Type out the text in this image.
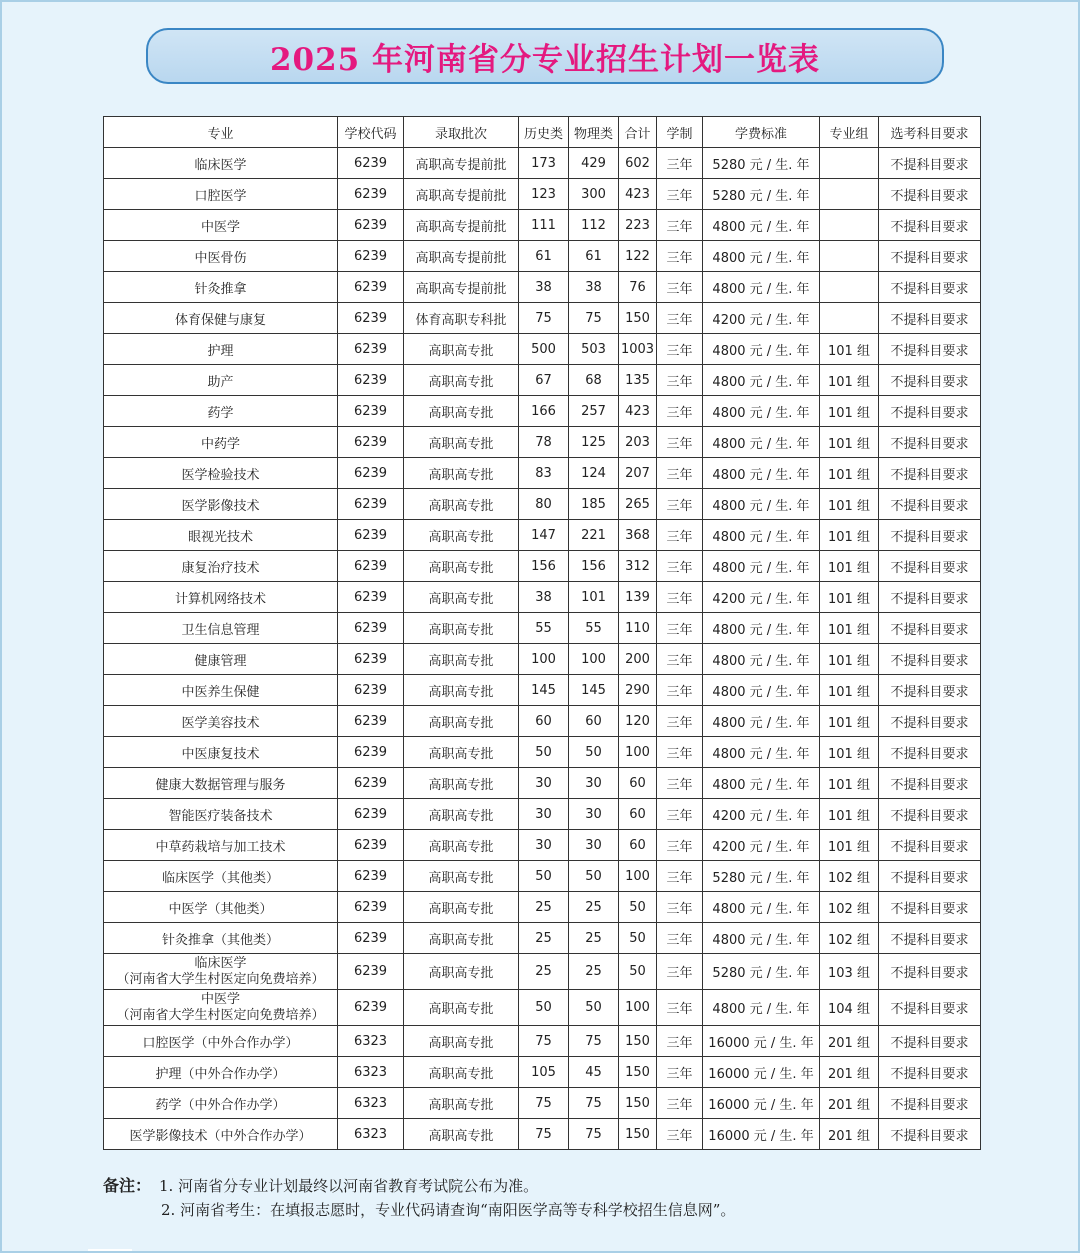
2025 年河南省分专业招生计划一览表
专业	学校代码	录取批次	历史类	物理类	合计	学制	学费标准	专业组	选考科目要求
临床医学	6239	高职高专提前批	173	429	602	三年	5280 元 / 生. 年		不提科目要求
口腔医学	6239	高职高专提前批	123	300	423	三年	5280 元 / 生. 年		不提科目要求
中医学	6239	高职高专提前批	111	112	223	三年	4800 元 / 生. 年		不提科目要求
中医骨伤	6239	高职高专提前批	61	61	122	三年	4800 元 / 生. 年		不提科目要求
针灸推拿	6239	高职高专提前批	38	38	76	三年	4800 元 / 生. 年		不提科目要求
体育保健与康复	6239	体育高职专科批	75	75	150	三年	4200 元 / 生. 年		不提科目要求
护理	6239	高职高专批	500	503	1003	三年	4800 元 / 生. 年	101 组	不提科目要求
助产	6239	高职高专批	67	68	135	三年	4800 元 / 生. 年	101 组	不提科目要求
药学	6239	高职高专批	166	257	423	三年	4800 元 / 生. 年	101 组	不提科目要求
中药学	6239	高职高专批	78	125	203	三年	4800 元 / 生. 年	101 组	不提科目要求
医学检验技术	6239	高职高专批	83	124	207	三年	4800 元 / 生. 年	101 组	不提科目要求
医学影像技术	6239	高职高专批	80	185	265	三年	4800 元 / 生. 年	101 组	不提科目要求
眼视光技术	6239	高职高专批	147	221	368	三年	4800 元 / 生. 年	101 组	不提科目要求
康复治疗技术	6239	高职高专批	156	156	312	三年	4800 元 / 生. 年	101 组	不提科目要求
计算机网络技术	6239	高职高专批	38	101	139	三年	4200 元 / 生. 年	101 组	不提科目要求
卫生信息管理	6239	高职高专批	55	55	110	三年	4800 元 / 生. 年	101 组	不提科目要求
健康管理	6239	高职高专批	100	100	200	三年	4800 元 / 生. 年	101 组	不提科目要求
中医养生保健	6239	高职高专批	145	145	290	三年	4800 元 / 生. 年	101 组	不提科目要求
医学美容技术	6239	高职高专批	60	60	120	三年	4800 元 / 生. 年	101 组	不提科目要求
中医康复技术	6239	高职高专批	50	50	100	三年	4800 元 / 生. 年	101 组	不提科目要求
健康大数据管理与服务	6239	高职高专批	30	30	60	三年	4800 元 / 生. 年	101 组	不提科目要求
智能医疗装备技术	6239	高职高专批	30	30	60	三年	4200 元 / 生. 年	101 组	不提科目要求
中草药栽培与加工技术	6239	高职高专批	30	30	60	三年	4200 元 / 生. 年	101 组	不提科目要求
临床医学（其他类）	6239	高职高专批	50	50	100	三年	5280 元 / 生. 年	102 组	不提科目要求
中医学（其他类）	6239	高职高专批	25	25	50	三年	4800 元 / 生. 年	102 组	不提科目要求
针灸推拿（其他类）	6239	高职高专批	25	25	50	三年	4800 元 / 生. 年	102 组	不提科目要求

临床医学
（河南省大学生村医定向免费培养）	6239	高职高专批	25	25	50	三年	5280 元 / 生. 年	103 组	不提科目要求

中医学
（河南省大学生村医定向免费培养）	6239	高职高专批	50	50	100	三年	4800 元 / 生. 年	104 组	不提科目要求
口腔医学（中外合作办学）	6323	高职高专批	75	75	150	三年	16000 元 / 生. 年	201 组	不提科目要求
护理（中外合作办学）	6323	高职高专批	105	45	150	三年	16000 元 / 生. 年	201 组	不提科目要求
药学（中外合作办学）	6323	高职高专批	75	75	150	三年	16000 元 / 生. 年	201 组	不提科目要求
医学影像技术（中外合作办学）	6323	高职高专批	75	75	150	三年	16000 元 / 生. 年	201 组	不提科目要求
备注： 1. 河南省分专业计划最终以河南省教育考试院公布为准。
2. 河南省考生：在填报志愿时，专业代码请查询“南阳医学高等专科学校招生信息网”。
